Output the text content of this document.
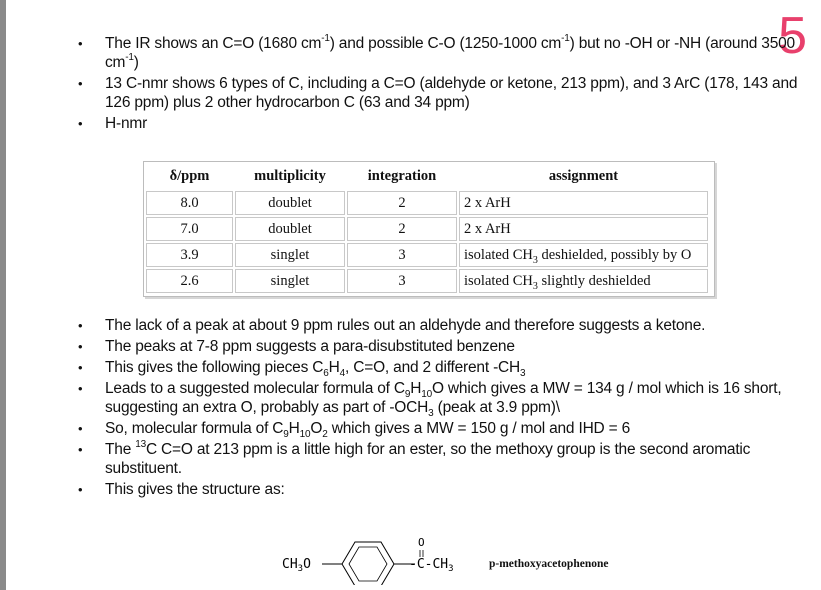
5
• The IR shows an C=O (1680 $cm^{-1}$) and possible C-O (1250-1000 $cm^{-1}$) but no -OH or -NH (around 3500 $cm^{-1}$)
• 13 C-nmr shows 6 types of C, including a C=O (aldehyde or ketone, 213 ppm), and 3 ArC (178, 143 and 126 ppm) plus 2 other hydrocarbon C (63 and 34 ppm)
• H-nmr
δ/ppm	multiplicity	integration	assignment
8.0	doublet	2	2 x ArH
7.0	doublet	2	2 x ArH
3.9	singlet	3	isolated $CH_3$ deshielded, possibly by O
2.6	singlet	3	isolated $CH_3$ slightly deshielded
• The lack of a peak at about 9 ppm rules out an aldehyde and therefore suggests a ketone.
• The peaks at 7-8 ppm suggests a para-disubstituted benzene
• This gives the following pieces $C_6H_4$, C=O, and 2 different $-CH_3$
• Leads to a suggested molecular formula of $C_9H_{10}O$ which gives a MW = 134 g / mol which is 16 short, suggesting an extra O, probably as part of $-OCH_3$ (peak at 3.9 ppm)\
• So, molecular formula of $C_9H_{10}O_2$ which gives a MW = 150 g / mol and IHD = 6
• The $^{13}$C C=O at 213 ppm is a little high for an ester, so the methoxy group is the second aromatic substituent.
• This gives the structure as:
$CH_3O$
O
$-C-CH_3$	p-methoxyacetophenone
